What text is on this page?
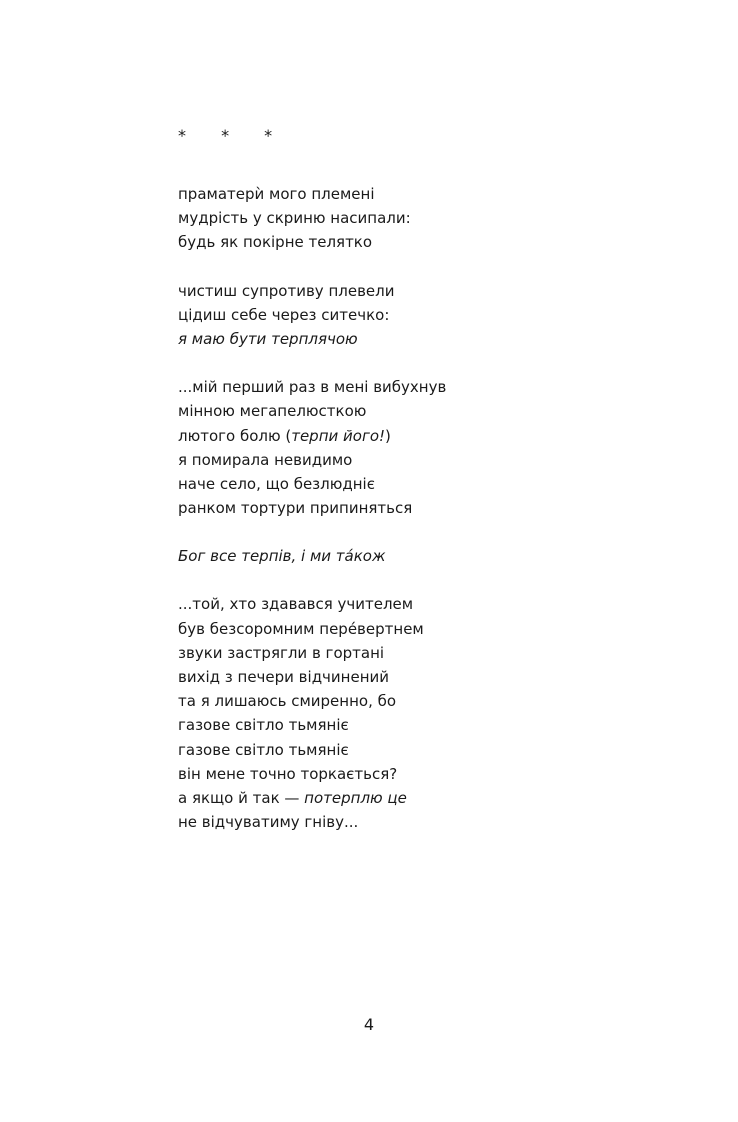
* * *
праматерѝ мого племені
мудрість у скриню насипали:
будь як покірне телятко
чистиш супротиву плевели
цідиш себе через ситечко:
я маю бути терплячою
...мій перший раз в мені вибухнув
мінною мегапелюсткою
лютого болю (терпи його!)
я помирала невидимо
наче село, що безлюдніє
ранком тортури припиняться
Бог все терпів, і ми та́кож
...той, хто здавався учителем
був безсоромним пере́вертнем
звуки застрягли в гортані
вихід з печери відчинений
та я лишаюсь смиренно, бо
газове світло тьмяніє
газове світло тьмяніє
він мене точно торкається?
а якщо й так — потерплю це
не відчуватиму гніву...
4
